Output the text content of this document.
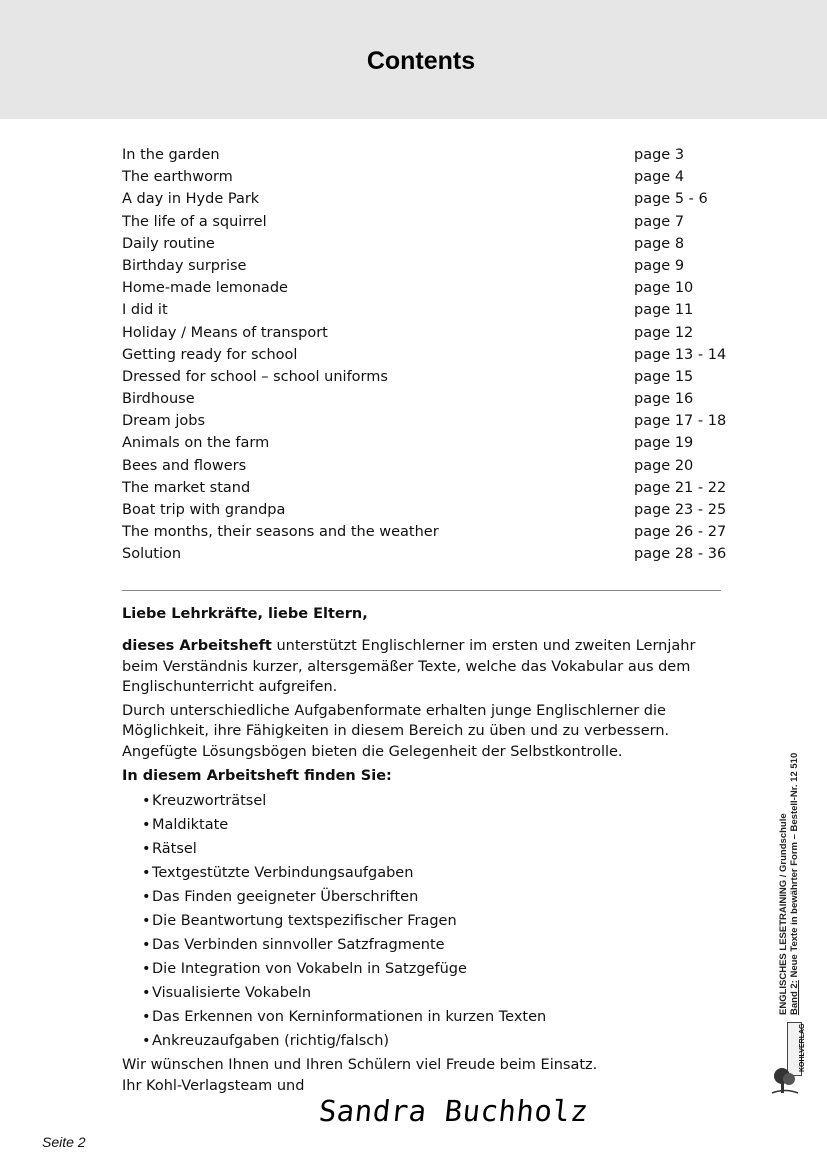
Contents
In the garden	page 3
The earthworm	page 4
A day in Hyde Park	page 5 - 6
The life of a squirrel	page 7
Daily routine	page 8
Birthday surprise	page 9
Home-made lemonade	page 10
I did it	page 11
Holiday / Means of transport	page 12
Getting ready for school	page 13 - 14
Dressed for school – school uniforms	page 15
Birdhouse	page 16
Dream jobs	page 17 - 18
Animals on the farm	page 19
Bees and flowers	page 20
The market stand	page 21 - 22
Boat trip with grandpa	page 23 - 25
The months, their seasons and the weather	page 26 - 27
Solution	page 28 - 36

Liebe Lehrkräfte, liebe Eltern,

dieses Arbeitsheft unterstützt Englischlerner im ersten und zweiten Lernjahr beim Verständnis kurzer, altersgemäßer Texte, welche das Vokabular aus dem Englischunterricht aufgreifen.

Durch unterschiedliche Aufgabenformate erhalten junge Englischlerner die Möglichkeit, ihre Fähigkeiten in diesem Bereich zu üben und zu verbessern. Angefügte Lösungsbögen bieten die Gelegenheit der Selbstkontrolle.

In diesem Arbeitsheft finden Sie:

•Kreuzworträtsel
•Maldiktate
•Rätsel
•Textgestützte Verbindungsaufgaben
•Das Finden geeigneter Überschriften
•Die Beantwortung textspezifischer Fragen
•Das Verbinden sinnvoller Satzfragmente
•Die Integration von Vokabeln in Satzgefüge
•Visualisierte Vokabeln
•Das Erkennen von Kerninformationen in kurzen Texten
•Ankreuzaufgaben (richtig/falsch)

Wir wünschen Ihnen und Ihren Schülern viel Freude beim Einsatz.

Ihr Kohl-Verlagsteam und

Sandra Buchholz
Seite 2
ENGLISCHES LESETRAINING / Grundschule Band 2: Neue Texte in bewährter Form – Bestell-Nr. 12 510
KOHLVERLAG
